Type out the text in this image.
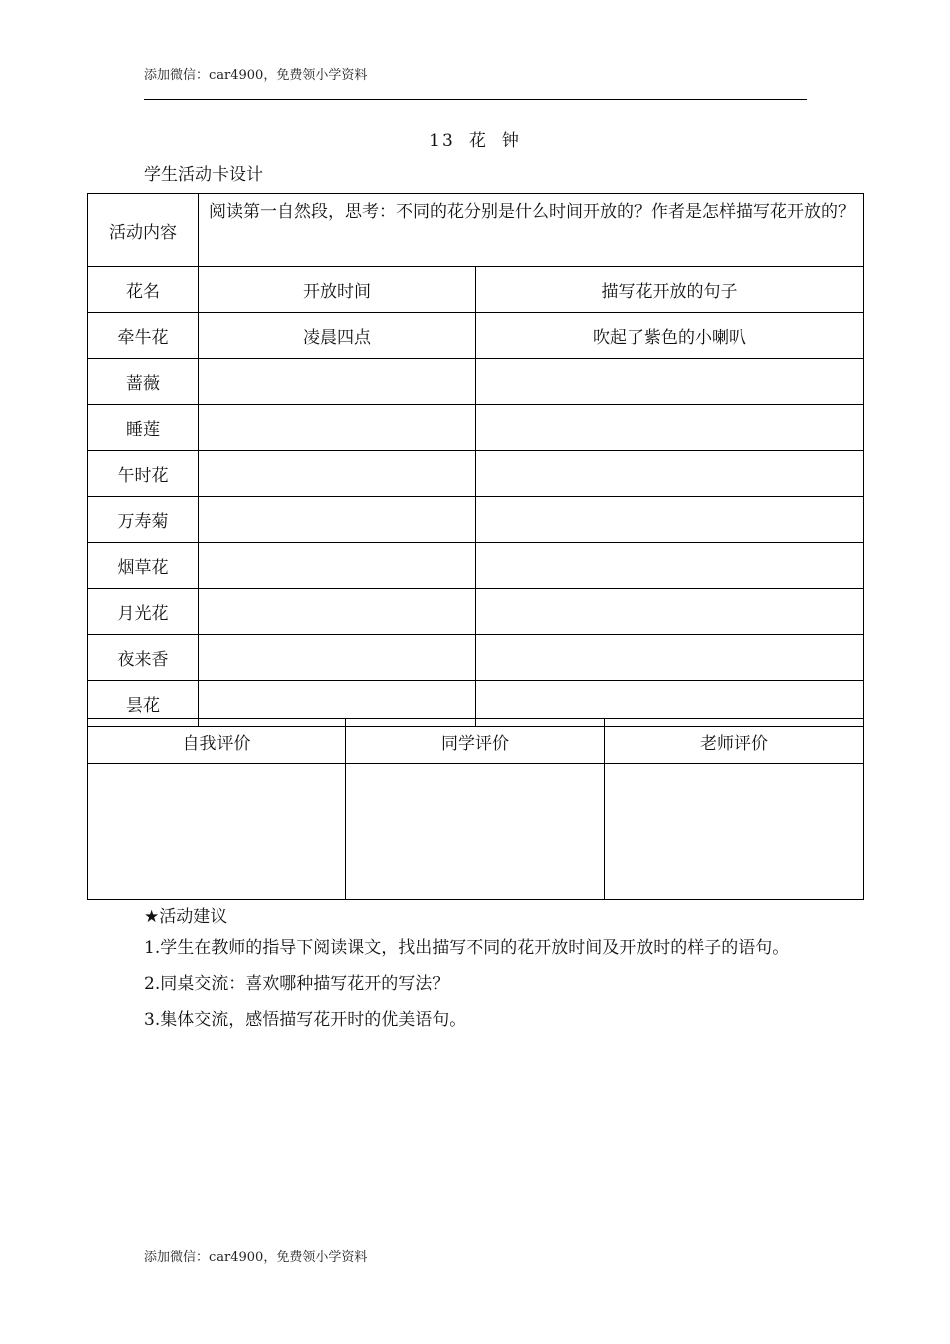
添加微信：car4900，免费领小学资料
13 花 钟
学生活动卡设计
活动内容	阅读第一自然段，思考：不同的花分别是什么时间开放的？作者是怎样描写花开放的？	
花名	开放时间	描写花开放的句子
牵牛花	凌晨四点	吹起了紫色的小喇叭
蔷薇		
睡莲		
午时花		
万寿菊		
烟草花		
月光花		
夜来香		
昙花		
自我评价	同学评价	老师评价

★活动建议

1.学生在教师的指导下阅读课文，找出描写不同的花开放时间及开放时的样子的语句。

2.同桌交流：喜欢哪种描写花开的写法？

3.集体交流，感悟描写花开时的优美语句。

添加微信：car4900，免费领小学资料
